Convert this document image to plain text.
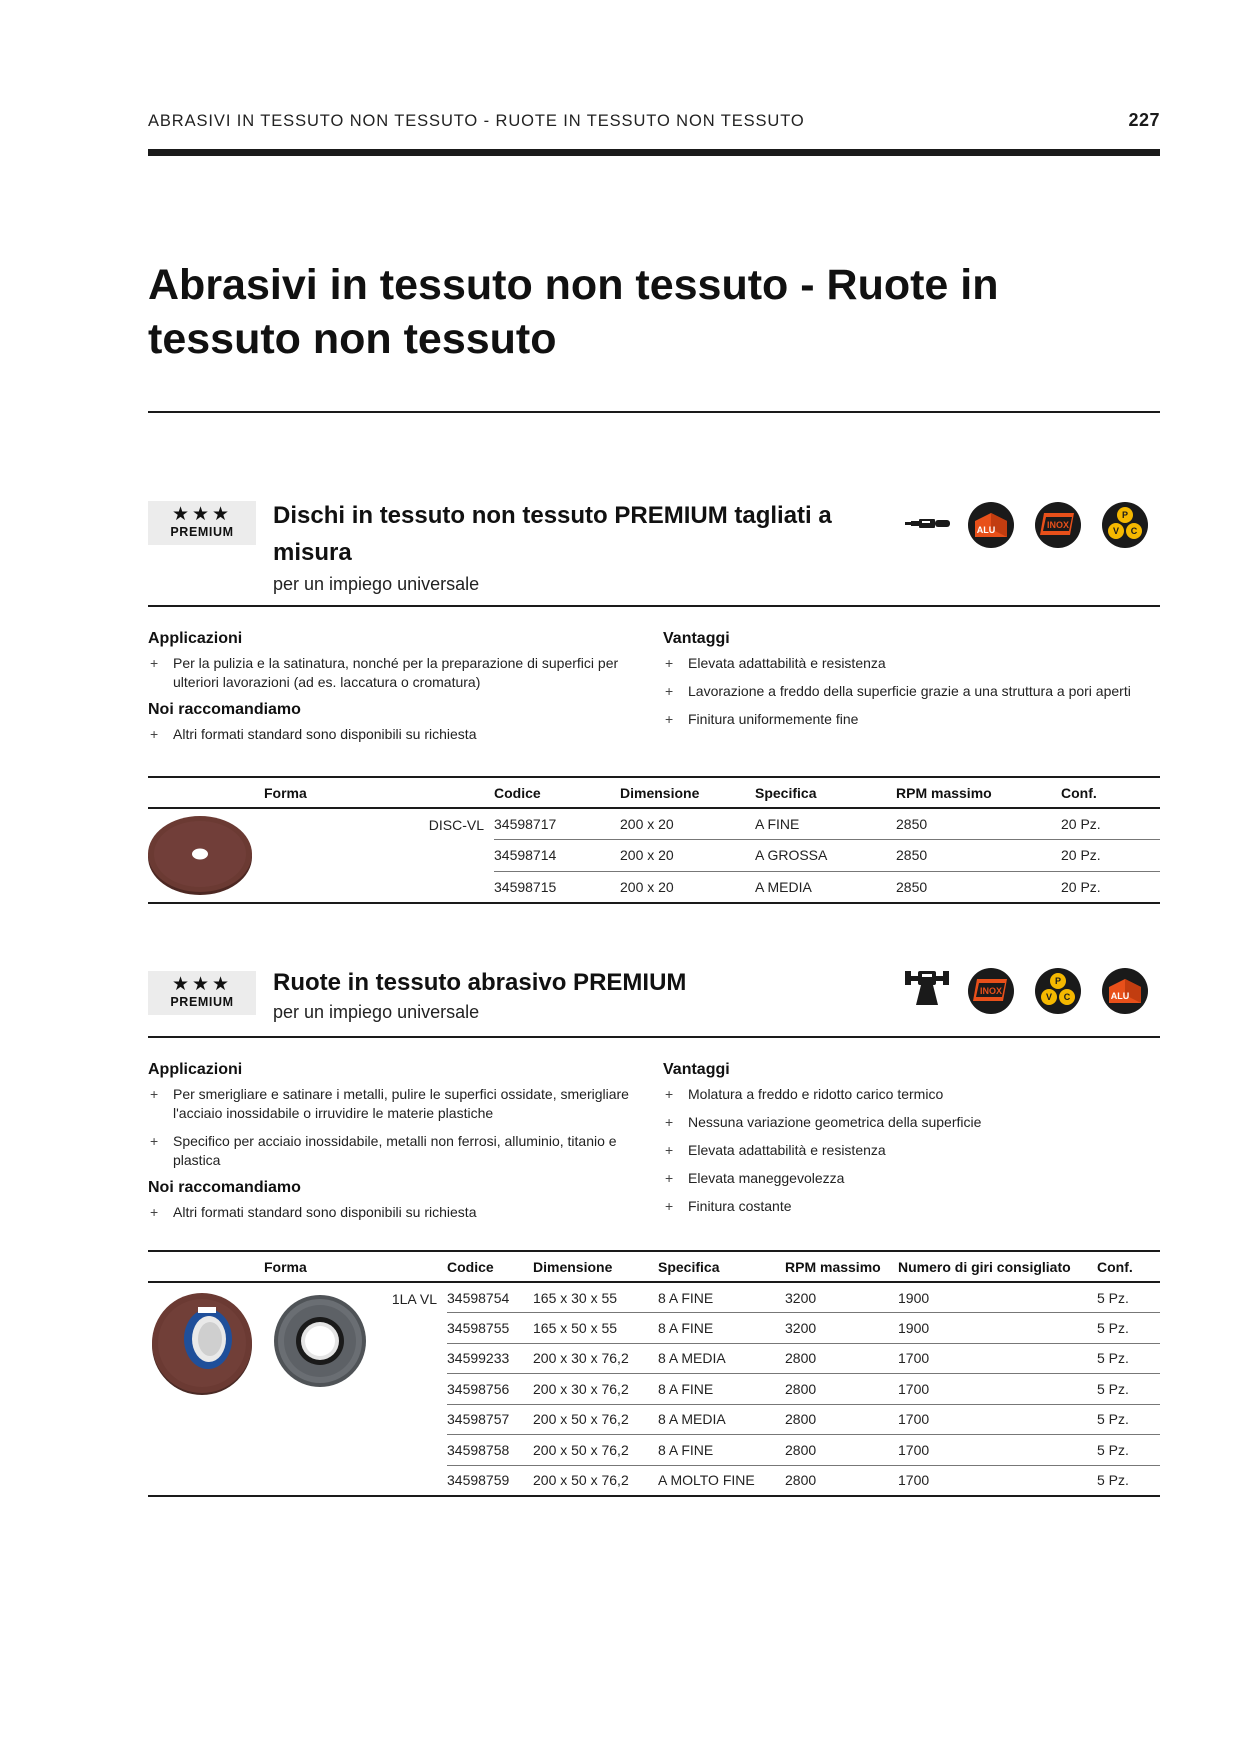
ABRASIVI IN TESSUTO NON TESSUTO - RUOTE IN TESSUTO NON TESSUTO	227
Abrasivi in tessuto non tessuto - Ruote in tessuto non tessuto
★★★
PREMIUM
Dischi in tessuto non tessuto PREMIUM tagliati a misura
per un impiego universale
ALU	INOX
P
V C
Applicazioni
+ Per la pulizia e la satinatura, nonché per la preparazione di superfici per ulteriori lavorazioni (ad es. laccatura o cromatura)
Noi raccomandiamo
+ Altri formati standard sono disponibili su richiesta
Vantaggi
+ Elevata adattabilità e resistenza
+ Lavorazione a freddo della superficie grazie a una struttura a pori aperti
+ Finitura uniformemente fine
Forma		Codice	Dimensione	Specifica	RPM massimo	Conf.
	DISC-VL	34598717	200 x 20	A FINE	2850	20 Pz.
		34598714	200 x 20	A GROSSA	2850	20 Pz.
		34598715	200 x 20	A MEDIA	2850	20 Pz.
★★★
PREMIUM
Ruote in tessuto abrasivo PREMIUM
per un impiego universale
INOX
P
V C	ALU
Applicazioni
+ Per smerigliare e satinare i metalli, pulire le superfici ossidate, smerigliare l'acciaio inossidabile o irruvidire le materie plastiche
+ Specifico per acciaio inossidabile, metalli non ferrosi, alluminio, titanio e plastica
Noi raccomandiamo
+ Altri formati standard sono disponibili su richiesta
Vantaggi
+ Molatura a freddo e ridotto carico termico
+ Nessuna variazione geometrica della superficie
+ Elevata adattabilità e resistenza
+ Elevata maneggevolezza
+ Finitura costante
Forma		Codice	Dimensione	Specifica	RPM massimo	Numero di giri consigliato	Conf.

	1LA VL	34598754	165 x 30 x 55	8 A FINE	3200	1900	5 Pz.
		34598755	165 x 50 x 55	8 A FINE	3200	1900	5 Pz.
		34599233	200 x 30 x 76,2	8 A MEDIA	2800	1700	5 Pz.
		34598756	200 x 30 x 76,2	8 A FINE	2800	1700	5 Pz.
		34598757	200 x 50 x 76,2	8 A MEDIA	2800	1700	5 Pz.
		34598758	200 x 50 x 76,2	8 A FINE	2800	1700	5 Pz.
		34598759	200 x 50 x 76,2	A MOLTO FINE	2800	1700	5 Pz.
